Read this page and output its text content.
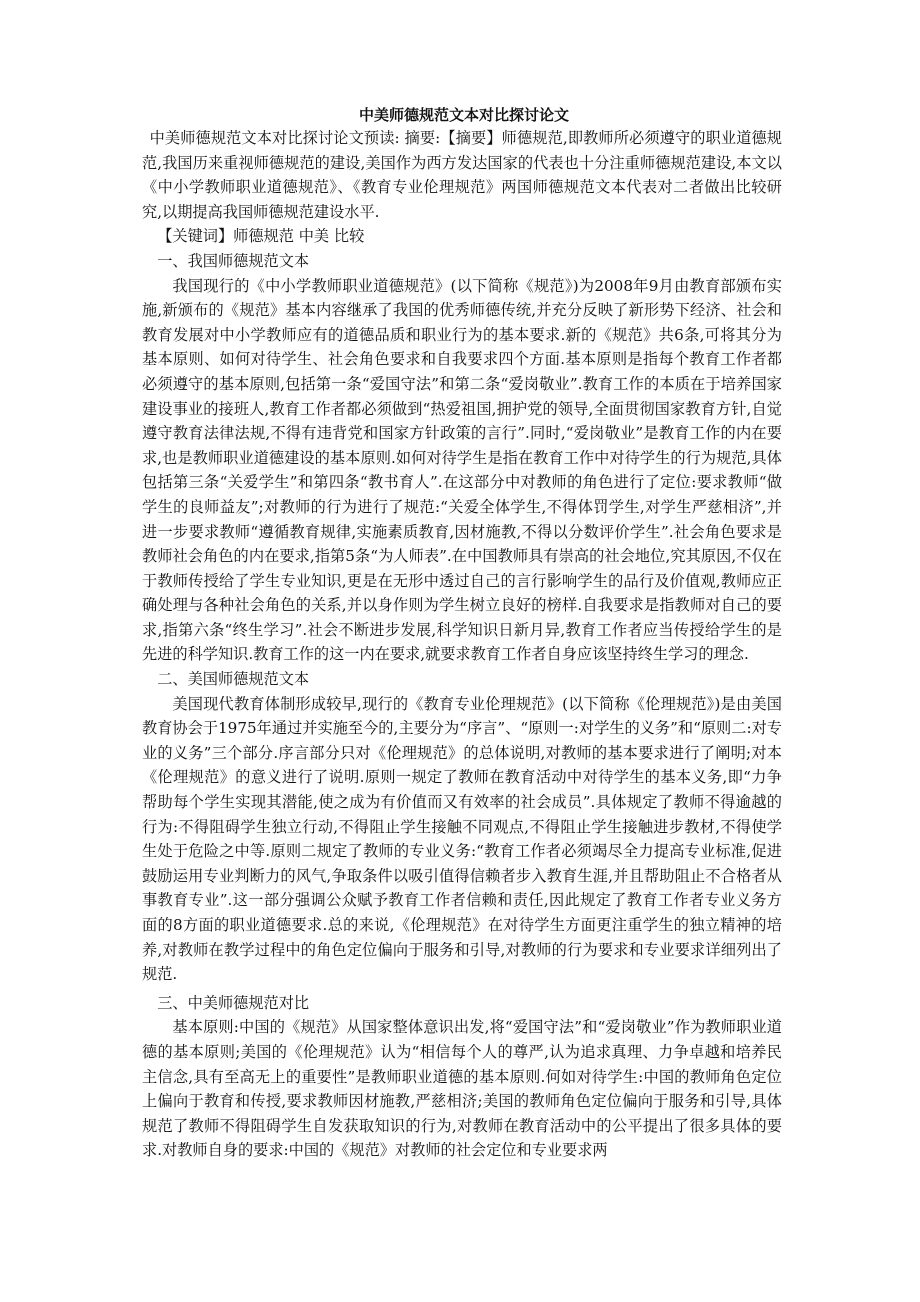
中美师德规范文本对比探讨论文

中美师德规范文本对比探讨论文预读: 摘要:【摘要】师德规范,即教师所必须遵守的职业道德规范,我国历来重视师德规范的建设,美国作为西方发达国家的代表也十分注重师德规范建设,本文以《中小学教师职业道德规范》、《教育专业伦理规范》两国师德规范文本代表对二者做出比较研究,以期提高我国师德规范建设水平.

【关键词】师德规范 中美 比较

一、我国师德规范文本

我国现行的《中小学教师职业道德规范》(以下简称《规范》)为2008年9月由教育部颁布实施,新颁布的《规范》基本内容继承了我国的优秀师德传统,并充分反映了新形势下经济、社会和教育发展对中小学教师应有的道德品质和职业行为的基本要求.新的《规范》共6条,可将其分为基本原则、如何对待学生、社会角色要求和自我要求四个方面.基本原则是指每个教育工作者都必须遵守的基本原则,包括第一条“爱国守法”和第二条“爱岗敬业”.教育工作的本质在于培养国家建设事业的接班人,教育工作者都必须做到“热爱祖国,拥护党的领导,全面贯彻国家教育方针,自觉遵守教育法律法规,不得有违背党和国家方针政策的言行”.同时,“爱岗敬业”是教育工作的内在要求,也是教师职业道德建设的基本原则.如何对待学生是指在教育工作中对待学生的行为规范,具体包括第三条“关爱学生”和第四条“教书育人”.在这部分中对教师的角色进行了定位:要求教师“做学生的良师益友”;对教师的行为进行了规范:“关爱全体学生,不得体罚学生,对学生严慈相济”,并进一步要求教师“遵循教育规律,实施素质教育,因材施教,不得以分数评价学生”.社会角色要求是教师社会角色的内在要求,指第5条“为人师表”.在中国教师具有崇高的社会地位,究其原因,不仅在于教师传授给了学生专业知识,更是在无形中透过自己的言行影响学生的品行及价值观,教师应正确处理与各种社会角色的关系,并以身作则为学生树立良好的榜样.自我要求是指教师对自己的要求,指第六条“终生学习”.社会不断进步发展,科学知识日新月异,教育工作者应当传授给学生的是先进的科学知识.教育工作的这一内在要求,就要求教育工作者自身应该坚持终生学习的理念.

二、美国师德规范文本

美国现代教育体制形成较早,现行的《教育专业伦理规范》(以下简称《伦理规范》)是由美国教育协会于1975年通过并实施至今的,主要分为“序言”、“原则一:对学生的义务”和“原则二:对专业的义务”三个部分.序言部分只对《伦理规范》的总体说明,对教师的基本要求进行了阐明;对本《伦理规范》的意义进行了说明.原则一规定了教师在教育活动中对待学生的基本义务,即“力争帮助每个学生实现其潜能,使之成为有价值而又有效率的社会成员”.具体规定了教师不得逾越的行为:不得阻碍学生独立行动,不得阻止学生接触不同观点,不得阻止学生接触进步教材,不得使学生处于危险之中等.原则二规定了教师的专业义务:“教育工作者必须竭尽全力提高专业标准,促进鼓励运用专业判断力的风气,争取条件以吸引值得信赖者步入教育生涯,并且帮助阻止不合格者从事教育专业”.这一部分强调公众赋予教育工作者信赖和责任,因此规定了教育工作者专业义务方面的8方面的职业道德要求.总的来说,《伦理规范》在对待学生方面更注重学生的独立精神的培养,对教师在教学过程中的角色定位偏向于服务和引导,对教师的行为要求和专业要求详细列出了规范.

三、中美师德规范对比

基本原则:中国的《规范》从国家整体意识出发,将“爱国守法”和“爱岗敬业”作为教师职业道德的基本原则;美国的《伦理规范》认为“相信每个人的尊严,认为追求真理、力争卓越和培养民主信念,具有至高无上的重要性”是教师职业道德的基本原则.何如对待学生:中国的教师角色定位上偏向于教育和传授,要求教师因材施教,严慈相济;美国的教师角色定位偏向于服务和引导,具体规范了教师不得阻碍学生自发获取知识的行为,对教师在教育活动中的公平提出了很多具体的要求.对教师自身的要求:中国的《规范》对教师的社会定位和专业要求两
